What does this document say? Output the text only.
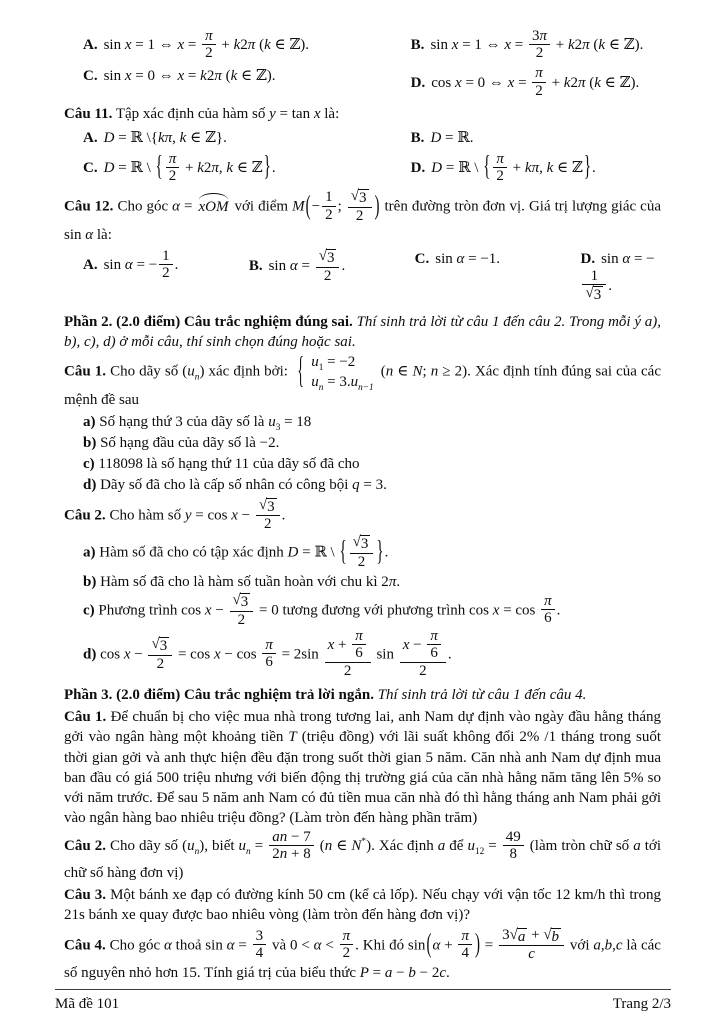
A. sin x = 1 ⇔ $x = \frac{\pi}{2} + k2\pi$ (k ∈ ℤ).	B. sin x = 1 ⇔ $x = \frac{3\pi}{2} + k2\pi$ (k ∈ ℤ).
C. sin x = 0 ⇔ x = k2π (k ∈ ℤ).	D. cos x = 0 ⇔ $x = \frac{\pi}{2} + k2\pi$ (k ∈ ℤ).
Câu 11. Tập xác định của hàm số y = tan x là:
A. D = ℝ \{kπ, k ∈ ℤ}.	B. D = ℝ.
C. D = ℝ \ { $\frac{\pi}{2} + k2\pi$, k ∈ ℤ}.	D. D = ℝ \ { $\frac{\pi}{2} + k\pi$, k ∈ ℤ}.
Câu 12. Cho góc α = xOM với điểm $M(- \frac{1}{2}$ ; $\frac{√ 3}{2}$ ) trên đường tròn đơn vị. Giá trị lượng giác của sin α là:
A. sin α = − $\frac{1}{2}$ .	B. $\sin \alpha = \frac{√ 3}{2}$ .	C. sin α = −1.	D. sin α = −
$\frac{1}{√ 3}$ .
Phần 2. (2.0 điểm) Câu trắc nghiệm đúng sai. Thí sinh trả lời từ câu 1 đến câu 2. Trong mỗi ý a), b), c), d) ở mỗi câu, thí sinh chọn đúng hoặc sai.
Câu 1. Cho dãy số $(u_n)$ xác định bởi: { $u_1 = -2$
$u_n = 3.u_{n-1}$
(n ∈ N; n ≥ 2). Xác định tính đúng sai của các mệnh đề sau
a) Số hạng thứ 3 của dãy số là $u_3 = 18$
b) Số hạng đầu của dãy số là −2.
c) 118098 là số hạng thứ 11 của dãy số đã cho
d) Dãy số đã cho là cấp số nhân có công bội q = 3.
Câu 2. Cho hàm số $y = \cos x - \frac{√ 3}{2}$ .
a) Hàm số đã cho có tập xác định D = ℝ \ { $\frac{√ 3}{2}$ }.
b) Hàm số đã cho là hàm số tuần hoàn với chu kì 2π.
c) Phương trình $\cos x - \frac{√ 3}{2} = 0$ tương đương với phương trình $\cos x = \cos \frac{\pi}{6}$ .
d) $\cos x - \frac{√ 3}{2} = \cos x - \cos \frac{\pi}{6} = 2\sin \frac{x + \frac{\pi}{6}}{2}$ $\sin \frac{x - \frac{\pi}{6}}{2}$ .
Phần 3. (2.0 điểm) Câu trắc nghiệm trả lời ngắn. Thí sinh trả lời từ câu 1 đến câu 4.
Câu 1. Để chuẩn bị cho việc mua nhà trong tương lai, anh Nam dự định vào ngày đầu hằng tháng gởi vào ngân hàng một khoảng tiền T (triệu đồng) với lãi suất không đổi 2% /1 tháng trong suốt thời gian gởi và anh thực hiện đều đặn trong suốt thời gian 5 năm. Căn nhà anh Nam dự định mua ban đầu có giá 500 triệu nhưng với biến động thị trường giá của căn nhà hằng năm tăng lên 5% so với năm trước. Để sau 5 năm anh Nam có đủ tiền mua căn nhà đó thì hằng tháng anh Nam phải gởi vào ngân hàng bao nhiêu triệu đồng? (Làm tròn đến hàng phần trăm)
Câu 2. Cho dãy số $(u_n)$, biết $u_n = \frac{an - 7}{2n + 8} (n$ ∈ N*). Xác định a để $u_{12} = \frac{49}{8}$ (làm tròn chữ số a tới chữ số hàng đơn vị)
Câu 3. Một bánh xe đạp có đường kính 50 cm (kể cả lốp). Nếu chạy với vận tốc 12 km/h thì trong 21s bánh xe quay được bao nhiêu vòng (làm tròn đến hàng đơn vị)?
Câu 4. Cho góc α thoả $\sin \alpha = \frac{3}{4}$ và $0 < \alpha < \frac{\pi}{2}$ . Khi đó $\sin(\alpha + \frac{\pi}{4}$ ) = $\frac{3 √ a + √ b}{c}$ với a,b,c là các số nguyên nhỏ hơn 15. Tính giá trị của biểu thức P = a − b − 2c.
Mã đề 101	Trang 2/3
